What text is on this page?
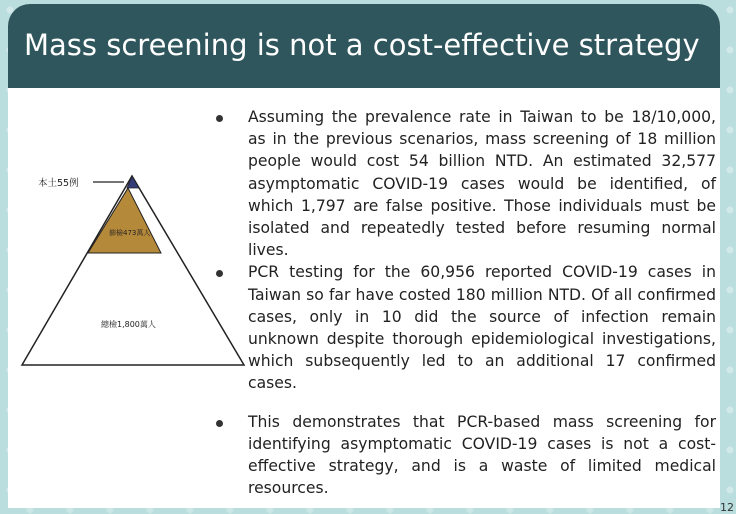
Mass screening is not a cost-effective strategy
本土55例
篩檢473萬人
總檢1,800萬人
Assuming the prevalence rate in Taiwan to be 18/10,000, as in the previous scenarios, mass screening of 18 million people would cost 54 billion NTD. An estimated 32,577 asymptomatic COVID-19 cases would be identified, of which 1,797 are false positive. Those individuals must be isolated and repeatedly tested before resuming normal lives.
PCR testing for the 60,956 reported COVID-19 cases in Taiwan so far have costed 180 million NTD. Of all confirmed cases, only in 10 did the source of infection remain unknown despite thorough epidemiological investigations, which subsequently led to an additional 17 confirmed cases.
This demonstrates that PCR-based mass screening for identifying asymptomatic COVID-19 cases is not a cost-effective strategy, and is a waste of limited medical resources.
12
